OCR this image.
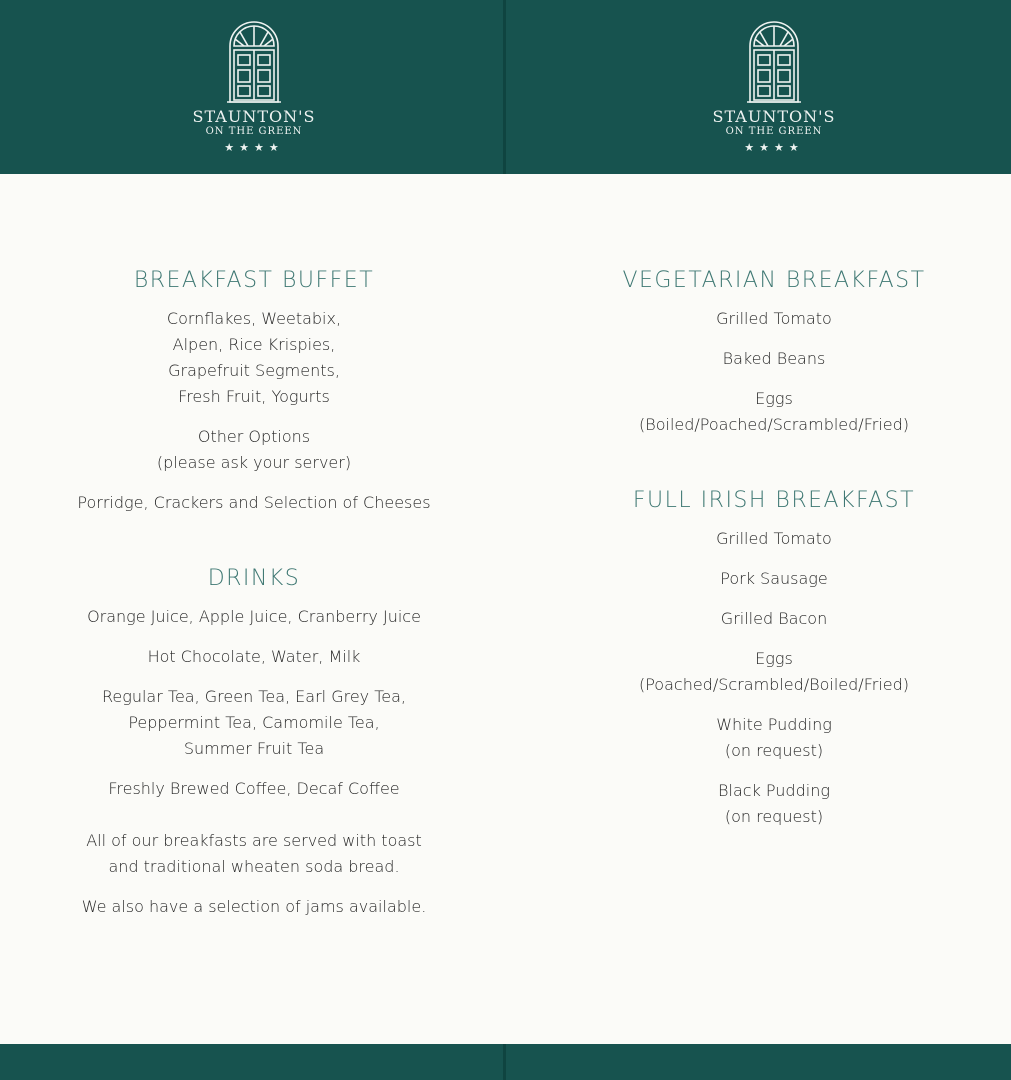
STAUNTON'S
ON THE GREEN
★★★★
STAUNTON'S
ON THE GREEN
★★★★
BREAKFAST BUFFET
Cornflakes, Weetabix,
Alpen, Rice Krispies,
Grapefruit Segments,
Fresh Fruit, Yogurts
Other Options
(please ask your server)
Porridge, Crackers and Selection of Cheeses
DRINKS
Orange Juice, Apple Juice, Cranberry Juice
Hot Chocolate, Water, Milk
Regular Tea, Green Tea, Earl Grey Tea,
Peppermint Tea, Camomile Tea,
Summer Fruit Tea
Freshly Brewed Coffee, Decaf Coffee
All of our breakfasts are served with toast
and traditional wheaten soda bread.
We also have a selection of jams available.
VEGETARIAN BREAKFAST
Grilled Tomato
Baked Beans
Eggs
(Boiled/Poached/Scrambled/Fried)
FULL IRISH BREAKFAST
Grilled Tomato
Pork Sausage
Grilled Bacon
Eggs
(Poached/Scrambled/Boiled/Fried)
White Pudding
(on request)
Black Pudding
(on request)
